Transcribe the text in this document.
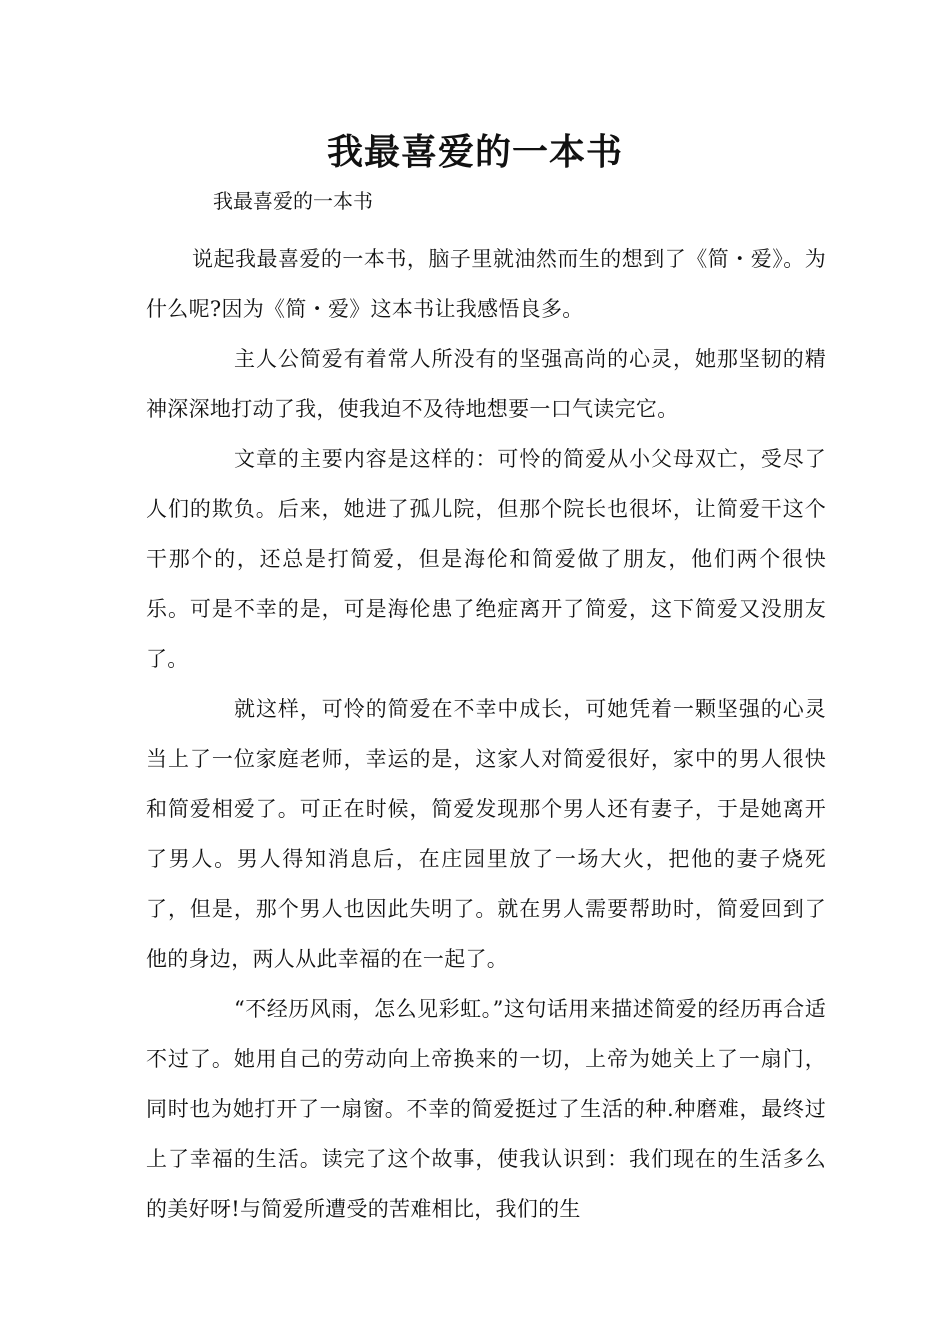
我最喜爱的一本书
我最喜爱的一本书

说起我最喜爱的一本书，脑子里就油然而生的想到了《简・爱》。为什么呢?因为《简・爱》这本书让我感悟良多。

主人公简爱有着常人所没有的坚强高尚的心灵，她那坚韧的精神深深地打动了我，使我迫不及待地想要一口气读完它。

文章的主要内容是这样的：可怜的简爱从小父母双亡，受尽了人们的欺负。后来，她进了孤儿院，但那个院长也很坏，让简爱干这个干那个的，还总是打简爱，但是海伦和简爱做了朋友，他们两个很快乐。可是不幸的是，可是海伦患了绝症离开了简爱，这下简爱又没朋友了。

就这样，可怜的简爱在不幸中成长，可她凭着一颗坚强的心灵当上了一位家庭老师，幸运的是，这家人对简爱很好，家中的男人很快和简爱相爱了。可正在时候，简爱发现那个男人还有妻子，于是她离开了男人。男人得知消息后，在庄园里放了一场大火，把他的妻子烧死了，但是，那个男人也因此失明了。就在男人需要帮助时，简爱回到了他的身边，两人从此幸福的在一起了。

“不经历风雨，怎么见彩虹。”这句话用来描述简爱的经历再合适不过了。她用自己的劳动向上帝换来的一切，上帝为她关上了一扇门，同时也为她打开了一扇窗。不幸的简爱挺过了生活的种.种磨难，最终过上了幸福的生活。读完了这个故事，使我认识到：我们现在的生活多么的美好呀!与简爱所遭受的苦难相比，我们的生
